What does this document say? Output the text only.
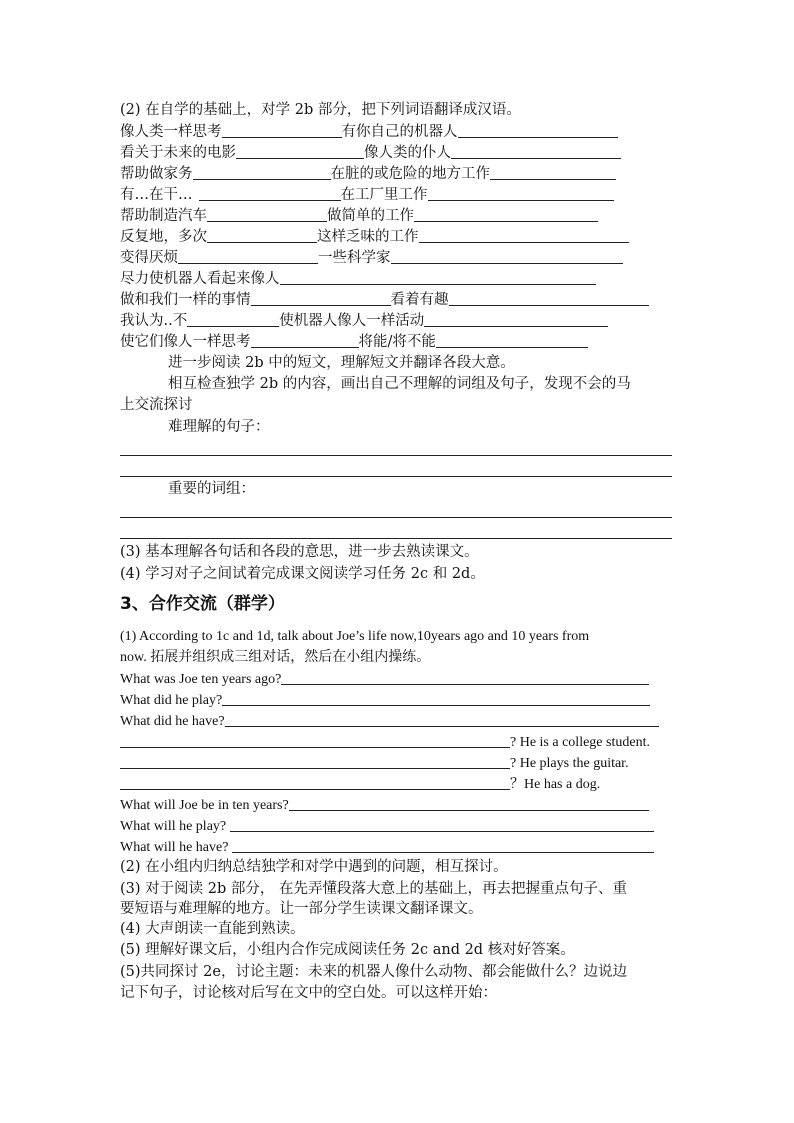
(2) 在自学的基础上，对学 2b 部分，把下列词语翻译成汉语。
像人类一样思考	有你自己的机器人
看关于未来的电影	像人类的仆人
帮助做家务	在脏的或危险的地方工作
有…在干…	在工厂里工作
帮助制造汽车	做简单的工作
反复地，多次	这样乏味的工作
变得厌烦	一些科学家
尽力使机器人看起来像人
做和我们一样的事情	看着有趣
我认为..不	使机器人像人一样活动
使它们像人一样思考	将能/将不能
进一步阅读 2b 中的短文，理解短文并翻译各段大意。
相互检查独学 2b 的内容，画出自己不理解的词组及句子，发现不会的马
上交流探讨
难理解的句子：
重要的词组：
(3) 基本理解各句话和各段的意思，进一步去熟读课文。
(4) 学习对子之间试着完成课文阅读学习任务 2c 和 2d。
3、合作交流（群学）
(1) According to 1c and 1d, talk about Joe’s life now,10years ago and 10 years from
now. 拓展并组织成三组对话，然后在小组内操练。
What was Joe ten years ago?
What did he play?
What did he have?
? He is a college student.
? He plays the guitar.
？He has a dog.
What will Joe be in ten years?
What will he play?
What will he have?
(2) 在小组内归纳总结独学和对学中遇到的问题，相互探讨。
(3) 对于阅读 2b 部分， 在先弄懂段落大意上的基础上，再去把握重点句子、重
要短语与难理解的地方。让一部分学生读课文翻译课文。
(4) 大声朗读一直能到熟读。
(5) 理解好课文后，小组内合作完成阅读任务 2c and 2d 核对好答案。
(5)共同探讨 2e，讨论主题：未来的机器人像什么动物、都会能做什么？边说边
记下句子，讨论核对后写在文中的空白处。可以这样开始：
